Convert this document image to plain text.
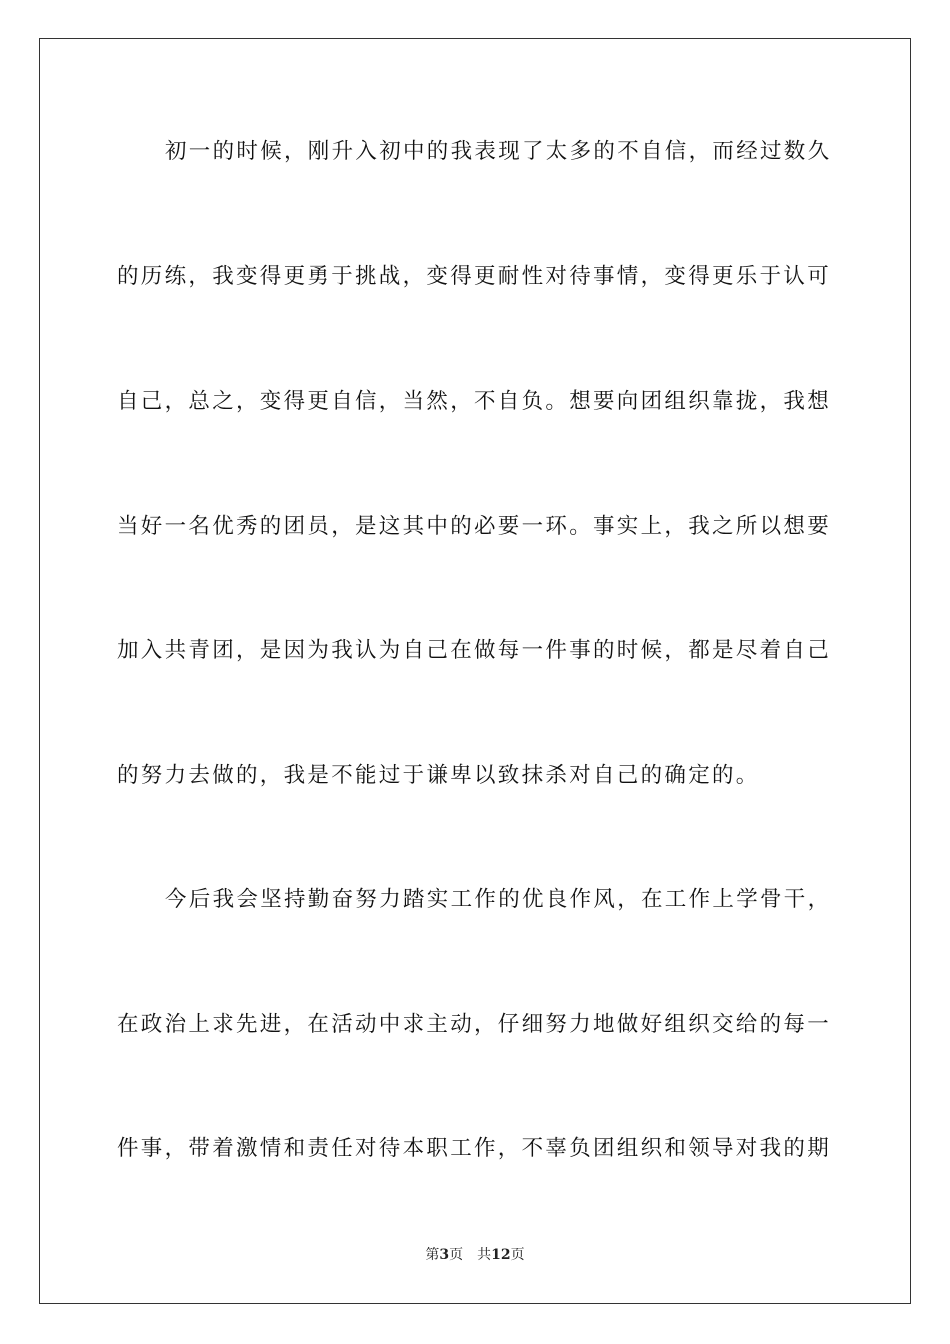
初一的时候，刚升入初中的我表现了太多的不自信，而经过数久

的历练，我变得更勇于挑战，变得更耐性对待事情，变得更乐于认可

自己，总之，变得更自信，当然，不自负。想要向团组织靠拢，我想

当好一名优秀的团员，是这其中的必要一环。事实上，我之所以想要

加入共青团，是因为我认为自己在做每一件事的时候，都是尽着自己

的努力去做的，我是不能过于谦卑以致抹杀对自己的确定的。

今后我会坚持勤奋努力踏实工作的优良作风，在工作上学骨干，

在政治上求先进，在活动中求主动，仔细努力地做好组织交给的每一

件事，带着激情和责任对待本职工作，不辜负团组织和领导对我的期

第3页 共12页
